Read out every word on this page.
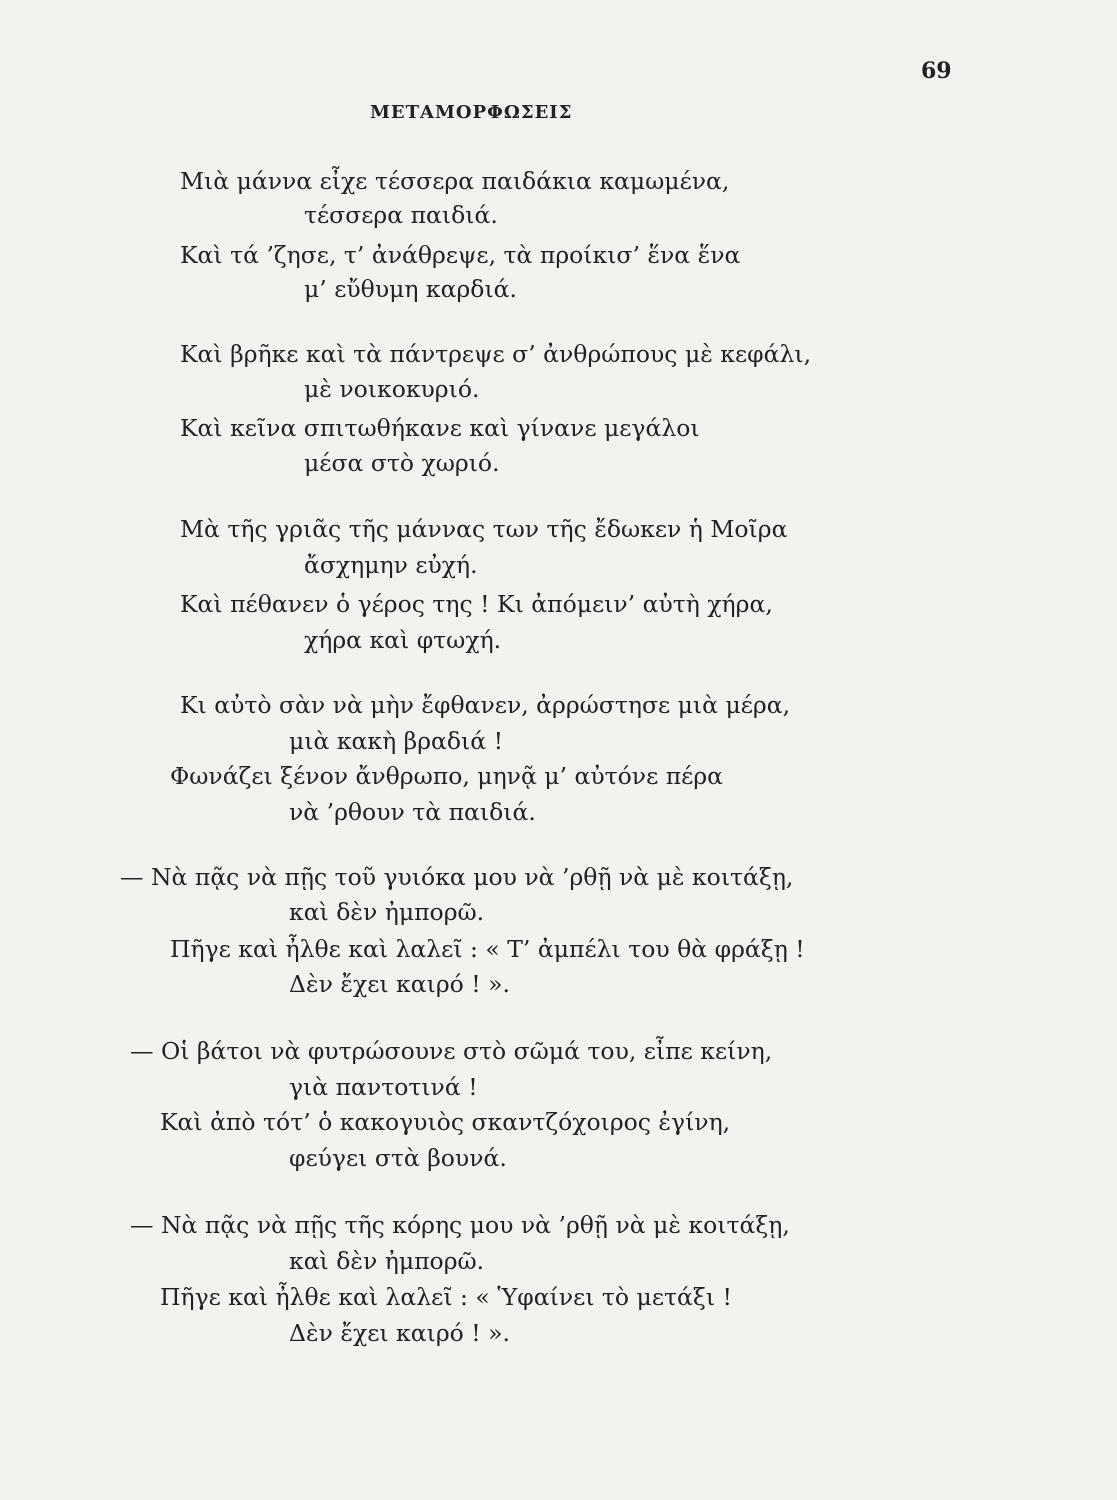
69
ΜΕΤΑΜΟΡΦΩΣΕΙΣ
Μιὰ μάννα εἶχε τέσσερα παιδάκια καμωμένα,
τέσσερα παιδιά.
Καὶ τά ’ζησε, τ’ ἀνάθρεψε, τὰ προίκισ’ ἕνα ἕνα
μ’ εὔθυμη καρδιά.
Καὶ βρῆκε καὶ τὰ πάντρεψε σ’ ἀνθρώπους μὲ κεφάλι,
μὲ νοικοκυριό.
Καὶ κεῖνα σπιτωθήκανε καὶ γίνανε μεγάλοι
μέσα στὸ χωριό.
Μὰ τῆς γριᾶς τῆς μάννας των τῆς ἔδωκεν ἡ Μοῖρα
ἄσχημην εὐχή.
Καὶ πέθανεν ὁ γέρος της ! Κι ἀπόμειν’ αὐτὴ χήρα,
χήρα καὶ φτωχή.
Κι αὐτὸ σὰν νὰ μὴν ἔφθανεν, ἀρρώστησε μιὰ μέρα,
μιὰ κακὴ βραδιά !
Φωνάζει ξένον ἄνθρωπο, μηνᾷ μ’ αὐτόνε πέρα
νὰ ’ρθουν τὰ παιδιά.
— Νὰ πᾷς νὰ πῇς τοῦ γυιόκα μου νὰ ’ρθῇ νὰ μὲ κοιτάξῃ,
καὶ δὲν ἠμπορῶ.
Πῆγε καὶ ἦλθε καὶ λαλεῖ : « Τ’ ἀμπέλι του θὰ φράξῃ !
Δὲν ἔχει καιρό ! ».
— Οἱ βάτοι νὰ φυτρώσουνε στὸ σῶμά του, εἶπε κείνη,
γιὰ παντοτινά !
Καὶ ἀπὸ τότ’ ὁ κακογυιὸς σκαντζόχοιρος ἐγίνη,
φεύγει στὰ βουνά.
— Νὰ πᾷς νὰ πῇς τῆς κόρης μου νὰ ’ρθῇ νὰ μὲ κοιτάξῃ,
καὶ δὲν ἠμπορῶ.
Πῆγε καὶ ἦλθε καὶ λαλεῖ : « Ὑφαίνει τὸ μετάξι !
Δὲν ἔχει καιρό ! ».
